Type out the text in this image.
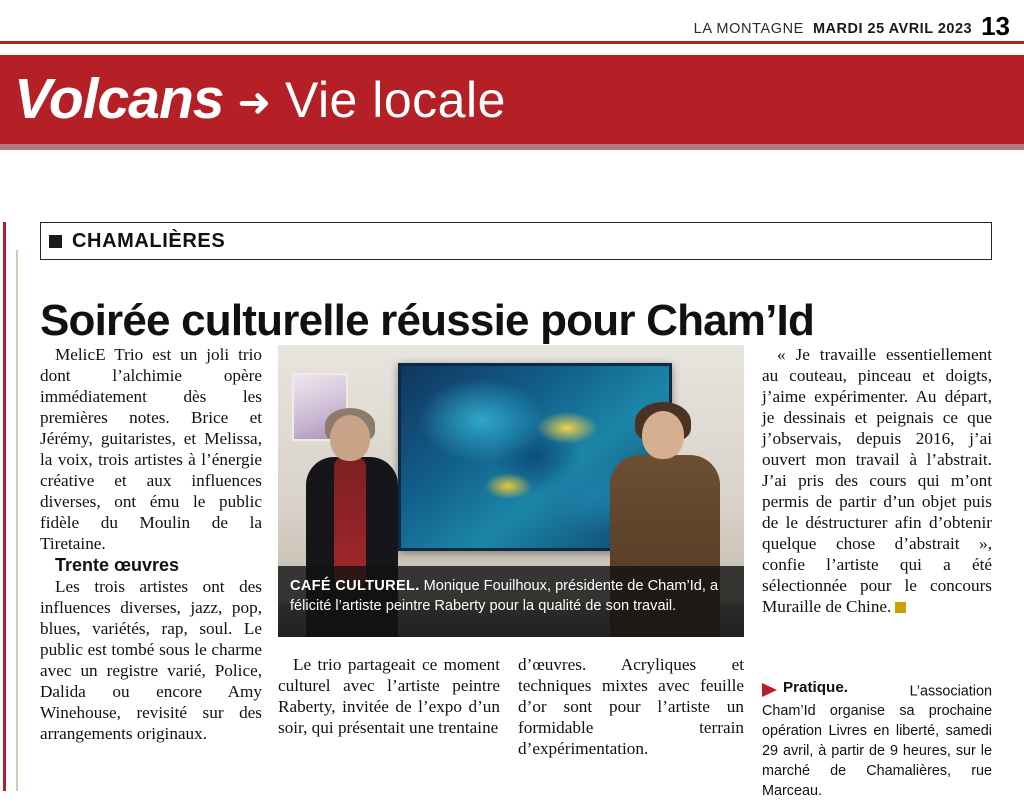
LA MONTAGNE MARDI 25 AVRIL 2023 13
Volcans ➜ Vie locale
CHAMALIÈRES
Soirée culturelle réussie pour Cham’Id

MelicE Trio est un joli trio dont l’alchimie opère immédiatement dès les premières notes. Brice et Jérémy, guitaristes, et Melissa, la voix, trois artistes à l’énergie créative et aux influences diverses, ont ému le public fidèle du Moulin de la Tiretaine.

Trente œuvres

Les trois artistes ont des influences diverses, jazz, pop, blues, variétés, rap, soul. Le public est tombé sous le charme avec un registre varié, Police, Dalida ou encore Amy Winehouse, revisité sur des arrangements originaux.

CAFÉ CULTUREL. Monique Fouilhoux, présidente de Cham’Id, a félicité l’artiste peintre Raberty pour la qualité de son travail.

Le trio partageait ce moment culturel avec l’artiste peintre Raberty, invitée de l’expo d’un soir, qui présentait une trentaine

d’œuvres. Acryliques et techniques mixtes avec feuille d’or sont pour l’artiste un formidable terrain d’expérimentation.

« Je travaille essentiellement au couteau, pinceau et doigts, j’aime expérimenter. Au départ, je dessinais et peignais ce que j’observais, depuis 2016, j’ai ouvert mon travail à l’abstrait. J’ai pris des cours qui m’ont permis de partir d’un objet puis de le déstructurer afin d’obtenir quelque chose d’abstrait », confie l’artiste qui a été sélectionnée pour le concours Muraille de Chine.

Pratique. L’association Cham’Id organise sa prochaine opération Livres en liberté, samedi 29 avril, à partir de 9 heures, sur le marché de Chamalières, rue Marceau.
